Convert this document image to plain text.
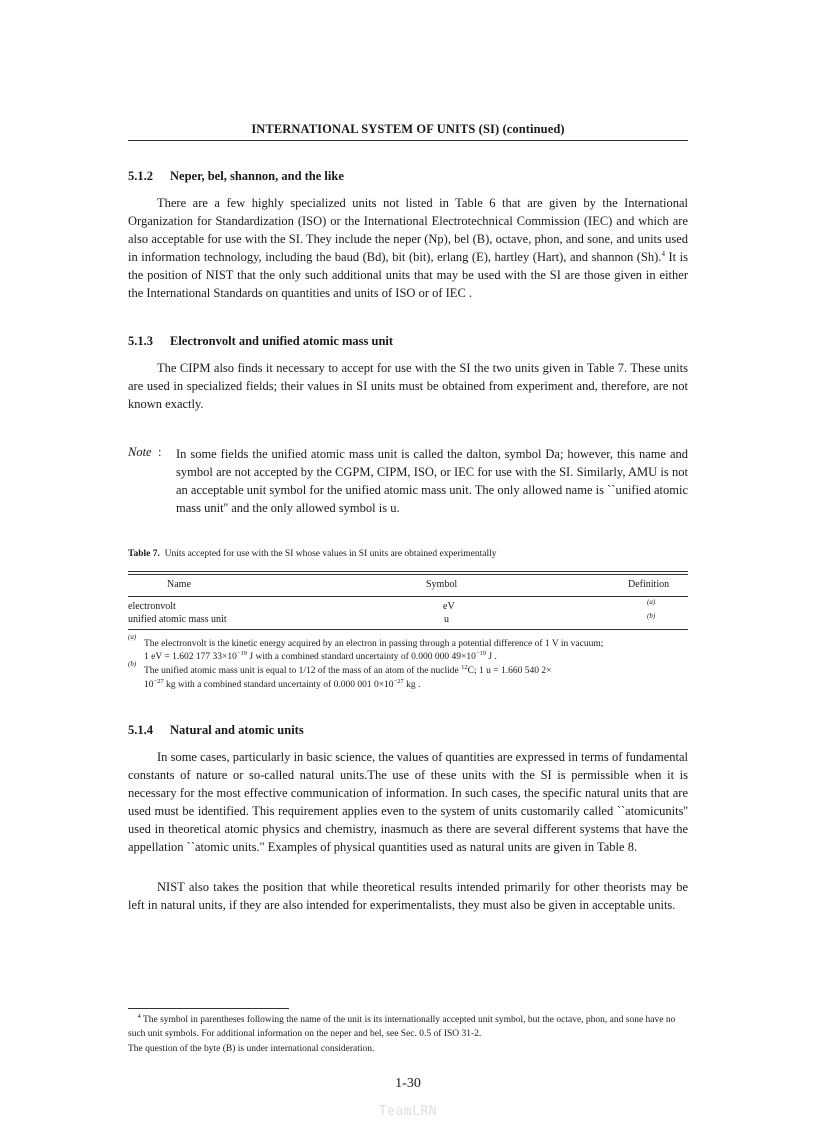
INTERNATIONAL SYSTEM OF UNITS (SI) (continued)
5.1.2 Neper, bel, shannon, and the like
There are a few highly specialized units not listed in Table 6 that are given by the International Organization for Standardization (ISO) or the International Electrotechnical Commission (IEC) and which are also acceptable for use with the SI. They include the neper (Np), bel (B), octave, phon, and sone, and units used in information technology, including the baud (Bd), bit (bit), erlang (E), hartley (Hart), and shannon (Sh).$^4$ It is the position of NIST that the only such additional units that may be used with the SI are those given in either the International Standards on quantities and units of ISO or of IEC .
5.1.3 Electronvolt and unified atomic mass unit
The CIPM also finds it necessary to accept for use with the SI the two units given in Table 7. These units are used in specialized fields; their values in SI units must be obtained from experiment and, therefore, are not known exactly.
Note : In some fields the unified atomic mass unit is called the dalton, symbol Da; however, this name and symbol are not accepted by the CGPM, CIPM, ISO, or IEC for use with the SI. Similarly, AMU is not an acceptable unit symbol for the unified atomic mass unit. The only allowed name is ``unified atomic mass unit'' and the only allowed symbol is u.
Table 7. Units accepted for use with the SI whose values in SI units are obtained experimentally
Name	Symbol	Definition
electronvolt	eV	(a)
unified atomic mass unit	u	(b)
(a)
The electronvolt is the kinetic energy acquired by an electron in passing through a potential difference of 1 V in vacuum;
1 eV = 1.602 177 $33\times 10^{-19}$ J with a combined standard uncertainty of 0.000 000 $49\times 10^{-19}$ J .
(b)
The unified atomic mass unit is equal to 1/12 of the mass of an atom of the nuclide $^{12}$C; 1 u = 1.660 540 2×
$10^{-27}$ kg with a combined standard uncertainty of 0.000 001 $0\times 10^{-27}$ kg .
5.1.4 Natural and atomic units
In some cases, particularly in basic science, the values of quantities are expressed in terms of fundamental constants of nature or so-called natural units.The use of these units with the SI is permissible when it is necessary for the most effective communication of information. In such cases, the specific natural units that are used must be identified. This requirement applies even to the system of units customarily called ``atomicunits'' used in theoretical atomic physics and chemistry, inasmuch as there are several different systems that have the appellation ``atomic units." Examples of physical quantities used as natural units are given in Table 8.
NIST also takes the position that while theoretical results intended primarily for other theorists may be left in natural units, if they are also intended for experimentalists, they must also be given in acceptable units.
$^4$ The symbol in parentheses following the name of the unit is its internationally accepted unit symbol, but the octave, phon, and sone have no such unit symbols. For additional information on the neper and bel, see Sec. 0.5 of ISO 31-2.
The question of the byte (B) is under international consideration.
1-30
TeamLRN
